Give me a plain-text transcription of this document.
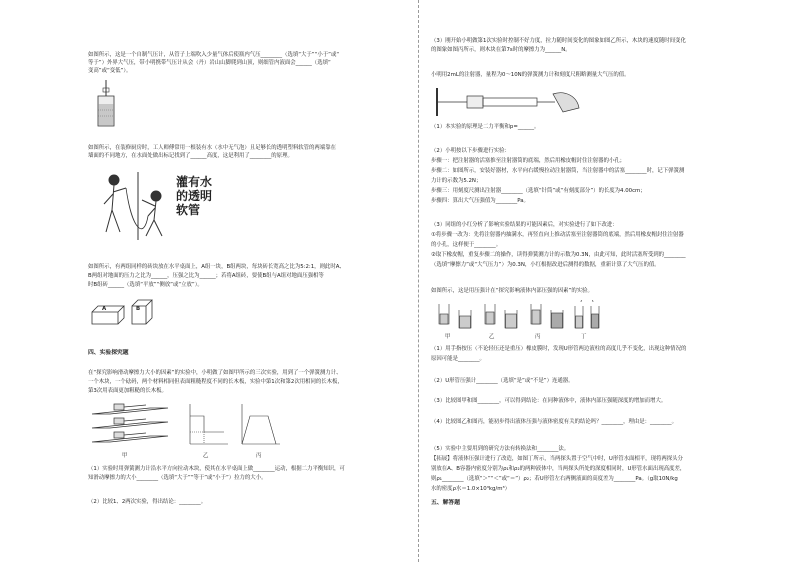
如图所示，这是一个自制气压计，从管子上端吹入少量气体后使瓶内气压________（选填“大于”“小于”或“
等于”）外界大气压，带小明携带气压计从会（丹）岩山山脚爬到山顶，则细管内液面会______（选填“
变高”或“变低”）。
如图所示，在装修厨房时，工人师傅常用一根装有水（水中无气泡）且足够长的透明塑料软管的两端靠在
墙面的不同地方，在水面处做出标记找到了______高度，这是利用了________的原理。
灌有水
的透明
软管
如图所示，有两组同样的砖块放在水平桌面上，A组一块，B组两块，每块砖长宽高之比为5:2:1，则此时A、
B两组对地面的压力之比为______，压强之比为______；若将A组砖，要使B组与A组对地面压强相等
时B组砖______（选填“平放”“侧放”或“立放”）。
A	B
四、实验探究题
在“探究影响滑动摩擦力大小的因素”的实验中，小明做了如图甲所示的三次实验，用到了一个弹簧测力计、
一个木块，一个砝码，两个材料相同但表面粗糙程度不同的长木板，实验中第1次和第2次用相同的长木板，
第3次用表面更加粗糙的长木板。
甲	乙	丙
（1）实验时用弹簧测力计沿水平方向拉动木块，使其在水平桌面上做________运动，根据二力平衡知识，可
知滑动摩擦力的大小________（选填“大于”“等于”或“小于”）拉力的大小。
（2）比较1、2两次实验，得出结论：________。
（3）刚开始小明做第1次实验时控制不好力度，拉力随时间变化的图象如图乙所示，木块的速度随时间变化
的图象如图丙所示，则木块在第7s时的摩擦力为______N。
小明用2mL的注射器，量程为0～10N的弹簧测力计和刻度尺粗略测量大气压的值。
（1）本实验的原理是二力平衡和p=______。
（2）小明按以下步骤进行实验：
步骤一：把注射器的活塞推至注射器筒的底端，然后用橡皮帽封住注射器的小孔；
步骤二：如图所示，安装好器材，水平向右缓慢拉动注射器筒，当注射器中的活塞________时，记下弹簧测
力计的示数为5.2N；
步骤三：用刻度尺测出注射器________（选填“针筒”或“有刻度部分”）的长度为4.00cm；
步骤四：算出大气压强值为________Pa。
（3）同组的小红分析了影响实验结果的可能因素后，对实验进行了如下改进：
①将步骤一改为：先将注射器内抽满水，再竖直向上推动活塞至注射器筒的底端，然后用橡皮帽封住注射器
的小孔，这样便于________。
②取下橡皮帽，重复步骤二的操作，读得弹簧测力计的示数为0.3N，由此可知，此时活塞所受到的________
（选填“摩擦力”或“大气压力”）为0.3N，小红根据改进后测得的数据，重新计算了大气压的值。
如图所示，这是用压强计在“探究影响液体内部压强的因素”的实验。
甲	乙	丙	丁
（1）用手指按压（不论轻压还是重压）橡皮膜时，发现U形管两边液柱的高度几乎不变化，出现这种情况的
原因可能是________。
（2）U形管压强计________（选填“是”或“不是”）连通器。
（3）比较图甲和图________，可以得到结论：在同种液体中，液体内部压强随深度的增加而增大。
（4）比较图乙和图丙，能初步得出液体压强与液体密度有关的结论吗？________，理由是：________。
（5）实验中主要用到的研究方法有转换法和________法。
【拓展】将液体压强计进行了改造，如图丁所示，当两探头置于空气中时，U形管水面相平，现将两探头分
别放在A、B容器内密度分别为ρ₁和ρ₂的两种液体中，当两探头所处的深度相同时，U形管水面出现高度差，
则ρ₁________（选填“＞”“＜”或“＝”）ρ₂；若U形管左右两侧液面的高度差为________Pa。（g取10N/kg
水的密度ρ水＝1.0×10³kg/m³）
五、解答题
